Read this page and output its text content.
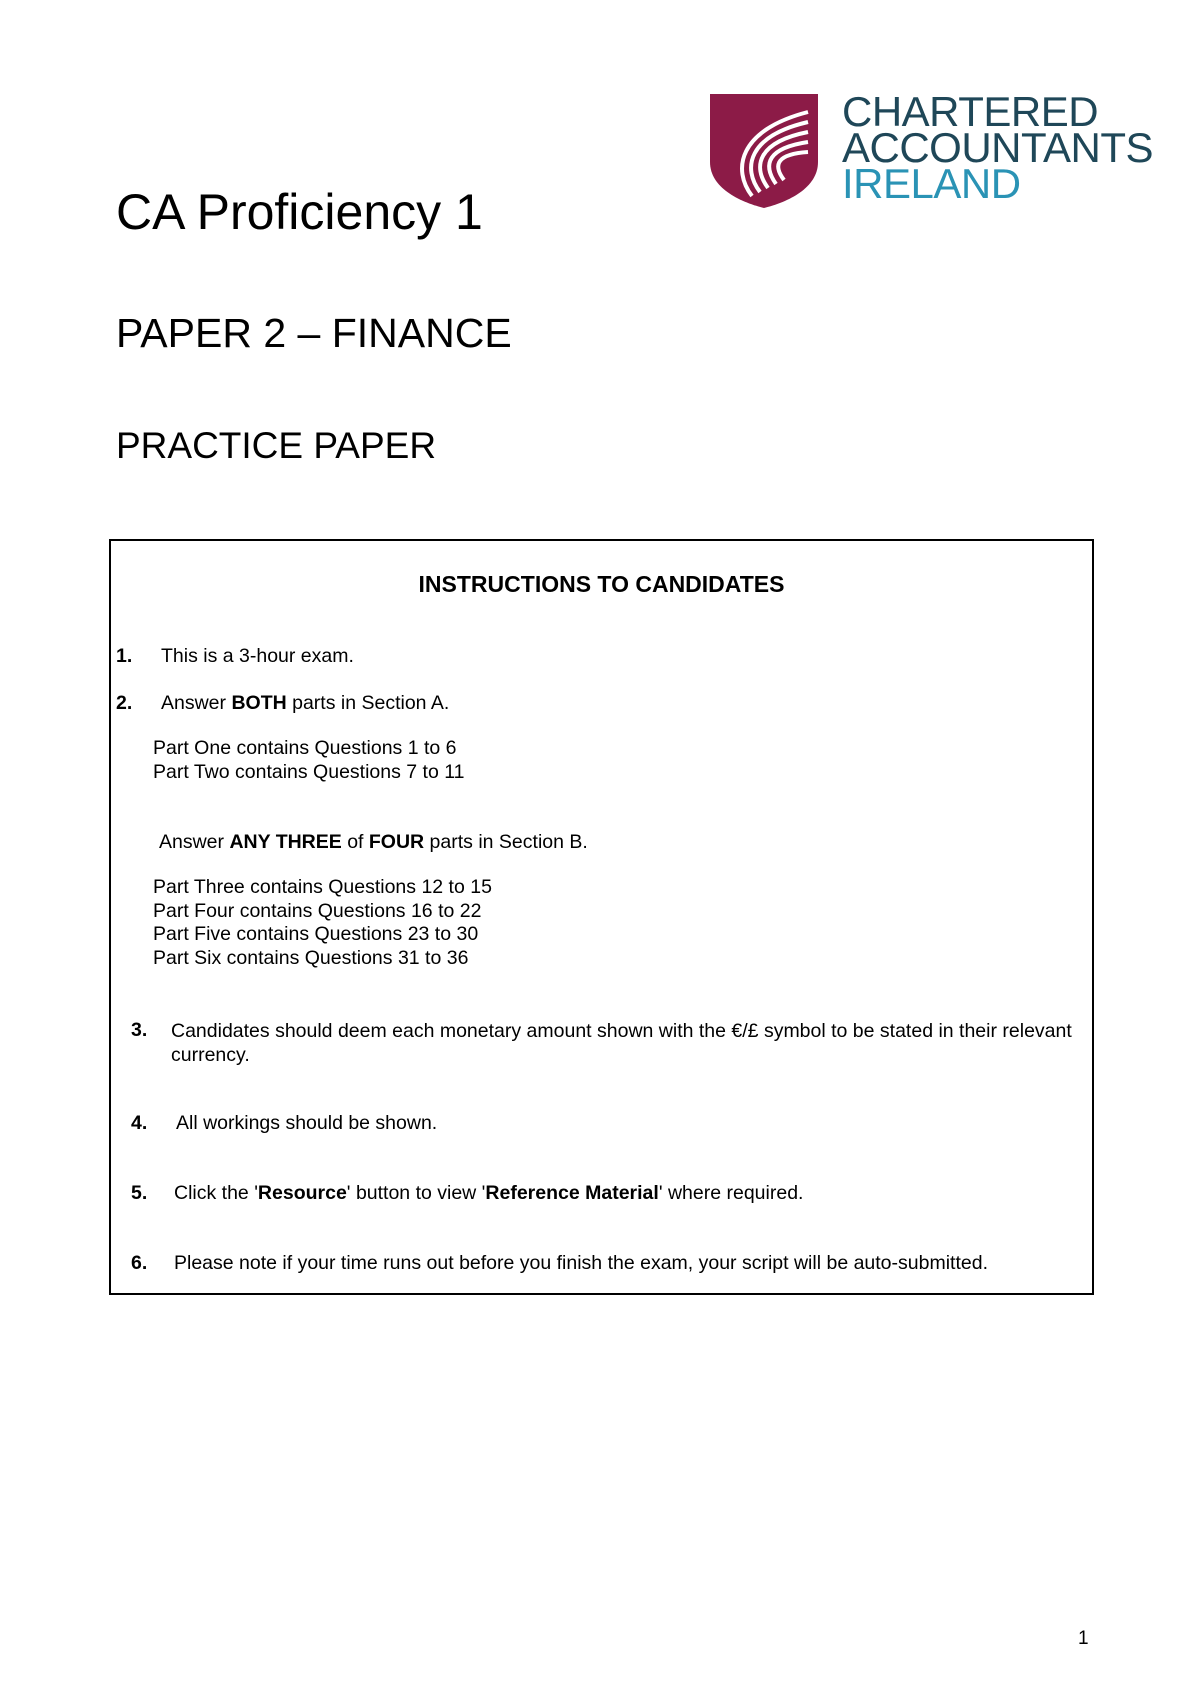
CHARTERED
ACCOUNTANTS
IRELAND
CA Proficiency 1
PAPER 2 – FINANCE
PRACTICE PAPER
INSTRUCTIONS TO CANDIDATES
1. This is a 3-hour exam.
2. Answer BOTH parts in Section A.
Part One contains Questions 1 to 6
Part Two contains Questions 7 to 11
Answer ANY THREE of FOUR parts in Section B.
Part Three contains Questions 12 to 15
Part Four contains Questions 16 to 22
Part Five contains Questions 23 to 30
Part Six contains Questions 31 to 36
3. Candidates should deem each monetary amount shown with the €/£ symbol to be stated in their relevant currency.
4. All workings should be shown.
5. Click the 'Resource' button to view 'Reference Material' where required.
6. Please note if your time runs out before you finish the exam, your script will be auto-submitted.
1
